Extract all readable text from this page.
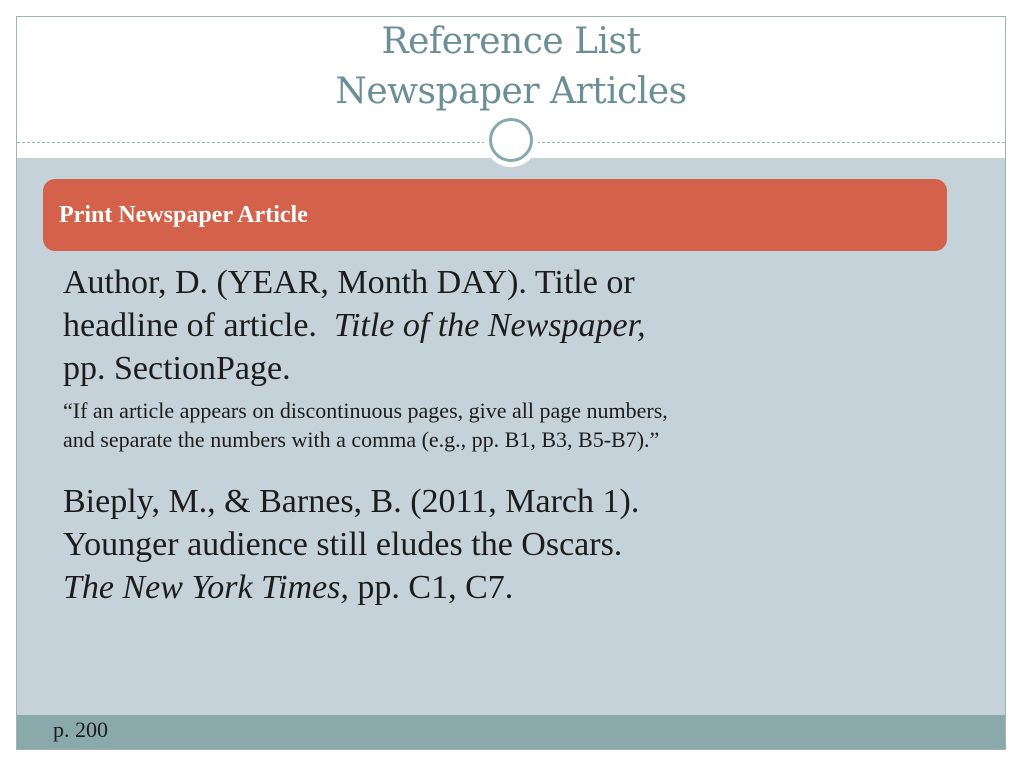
Reference List
Newspaper Articles
Print Newspaper Article

Author, D. (YEAR, Month DAY). Title or
headline of article.  Title of the Newspaper,
pp. SectionPage.

“If an article appears on discontinuous pages, give all page numbers,
and separate the numbers with a comma (e.g., pp. B1, B3, B5-B7).”

Bieply, M., & Barnes, B. (2011, March 1).
Younger audience still eludes the Oscars.
The New York Times, pp. C1, C7.

p. 200
